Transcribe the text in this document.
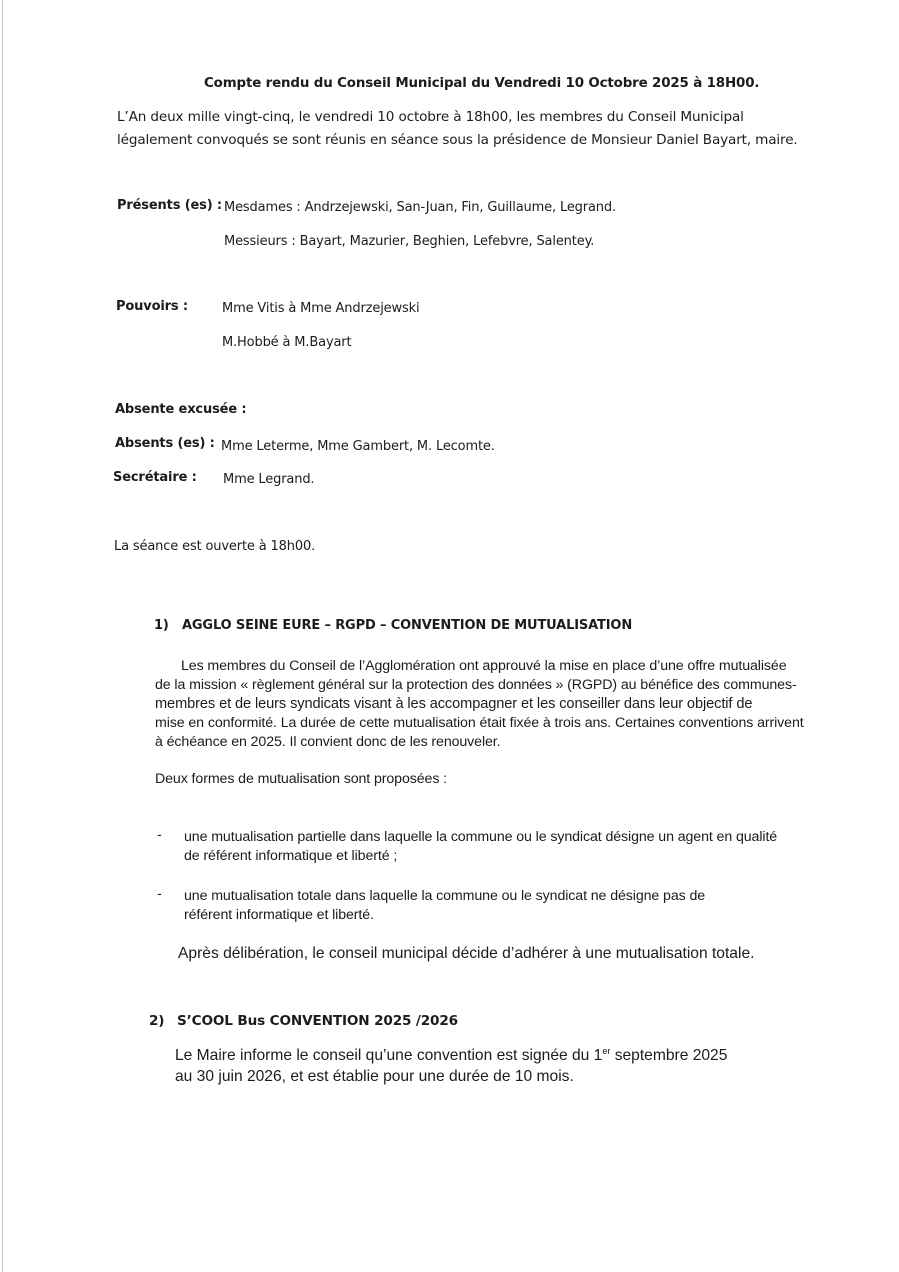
Compte rendu du Conseil Municipal du Vendredi 10 Octobre 2025 à 18H00.

L’An deux mille vingt-cinq, le vendredi 10 octobre à 18h00, les membres du Conseil Municipal

légalement convoqués se sont réunis en séance sous la présidence de Monsieur Daniel Bayart, maire.

Présents (es) : Mesdames : Andrzejewski, San-Juan, Fin, Guillaume, Legrand.

Messieurs : Bayart, Mazurier, Beghien, Lefebvre, Salentey.

Pouvoirs :	Mme Vitis à Mme Andrzejewski

M.Hobbé à M.Bayart

Absente excusée :

Absents (es) : Mme Leterme, Mme Gambert, M. Lecomte.

Secrétaire : Mme Legrand.

La séance est ouverte à 18h00.

1) AGGLO SEINE EURE – RGPD – CONVENTION DE MUTUALISATION

Les membres du Conseil de l’Agglomération ont approuvé la mise en place d’une offre mutualisée

de la mission « règlement général sur la protection des données » (RGPD) au bénéfice des communes-

membres et de leurs syndicats visant à les accompagner et les conseiller dans leur objectif de

mise en conformité. La durée de cette mutualisation était fixée à trois ans. Certaines conventions arrivent

à échéance en 2025. Il convient donc de les renouveler.

Deux formes de mutualisation sont proposées :

- une mutualisation partielle dans laquelle la commune ou le syndicat désigne un agent en qualité

de référent informatique et liberté ;

- une mutualisation totale dans laquelle la commune ou le syndicat ne désigne pas de

référent informatique et liberté.

Après délibération, le conseil municipal décide d’adhérer à une mutualisation totale.

2) S’COOL Bus CONVENTION 2025 /2026

Le Maire informe le conseil qu’une convention est signée du 1er septembre 2025

au 30 juin 2026, et est établie pour une durée de 10 mois.
